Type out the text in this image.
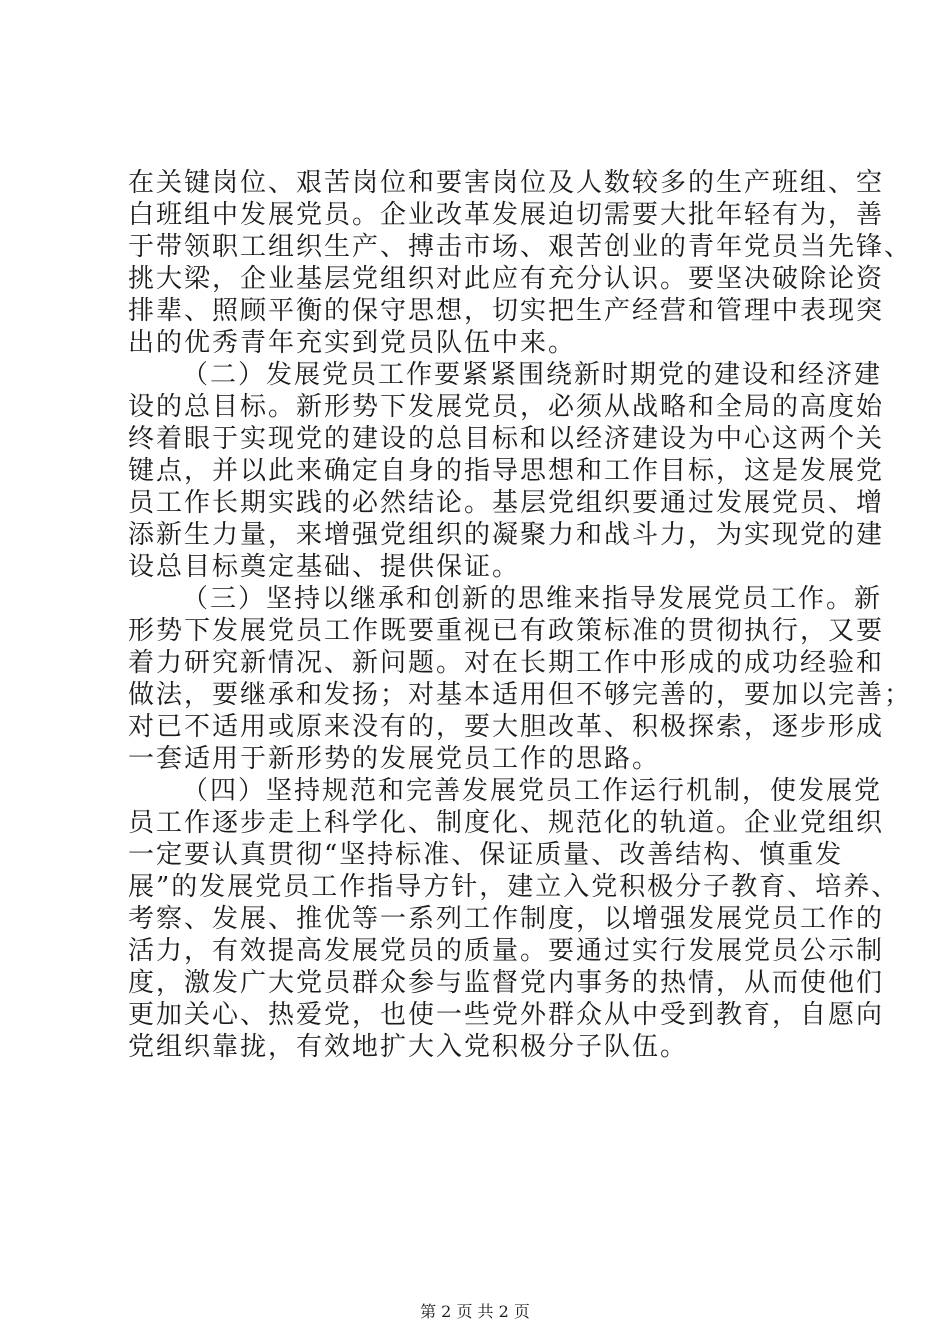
在关键岗位、艰苦岗位和要害岗位及人数较多的生产班组、空
白班组中发展党员。企业改革发展迫切需要大批年轻有为，善
于带领职工组织生产、搏击市场、艰苦创业的青年党员当先锋、
挑大梁，企业基层党组织对此应有充分认识。要坚决破除论资
排辈、照顾平衡的保守思想，切实把生产经营和管理中表现突
出的优秀青年充实到党员队伍中来。
（二）发展党员工作要紧紧围绕新时期党的建设和经济建
设的总目标。新形势下发展党员，必须从战略和全局的高度始
终着眼于实现党的建设的总目标和以经济建设为中心这两个关
键点，并以此来确定自身的指导思想和工作目标，这是发展党
员工作长期实践的必然结论。基层党组织要通过发展党员、增
添新生力量，来增强党组织的凝聚力和战斗力，为实现党的建
设总目标奠定基础、提供保证。
（三）坚持以继承和创新的思维来指导发展党员工作。新
形势下发展党员工作既要重视已有政策标准的贯彻执行，又要
着力研究新情况、新问题。对在长期工作中形成的成功经验和
做法，要继承和发扬；对基本适用但不够完善的，要加以完善；
对已不适用或原来没有的，要大胆改革、积极探索，逐步形成
一套适用于新形势的发展党员工作的思路。
（四）坚持规范和完善发展党员工作运行机制，使发展党
员工作逐步走上科学化、制度化、规范化的轨道。企业党组织
一定要认真贯彻“坚持标准、保证质量、改善结构、慎重发
展”的发展党员工作指导方针，建立入党积极分子教育、培养、
考察、发展、推优等一系列工作制度，以增强发展党员工作的
活力，有效提高发展党员的质量。要通过实行发展党员公示制
度，激发广大党员群众参与监督党内事务的热情，从而使他们
更加关心、热爱党，也使一些党外群众从中受到教育，自愿向
党组织靠拢，有效地扩大入党积极分子队伍。
第 2 页 共 2 页
